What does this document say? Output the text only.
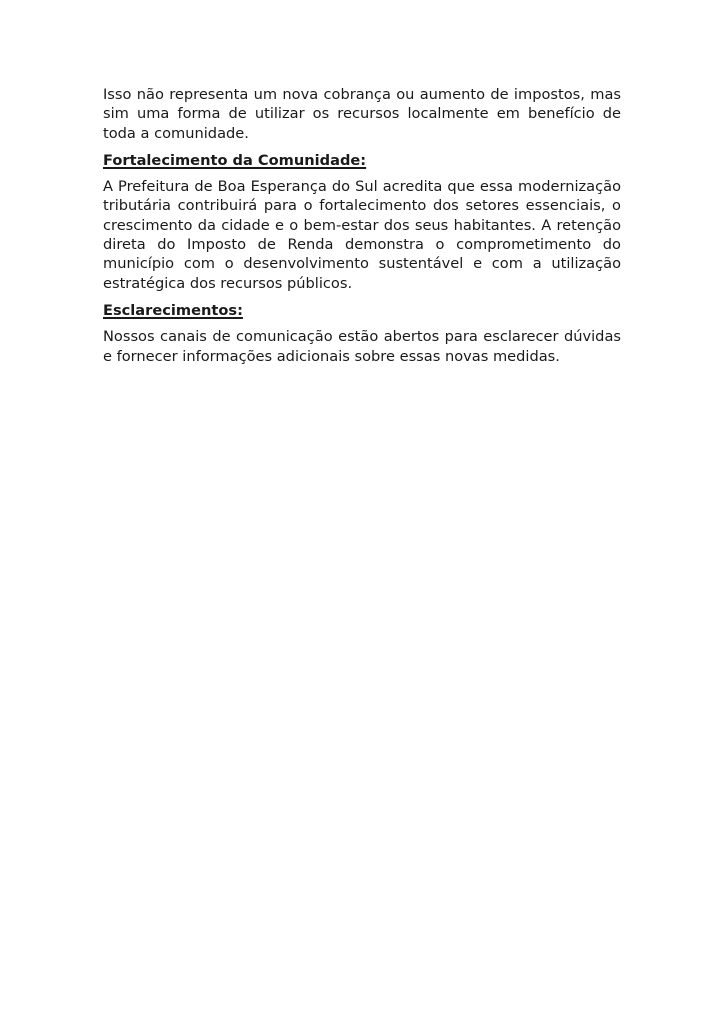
Isso não representa um nova cobrança ou aumento de impostos, mas sim uma forma de utilizar os recursos localmente em benefício de toda a comunidade.

Fortalecimento da Comunidade:

A Prefeitura de Boa Esperança do Sul acredita que essa modernização tributária contribuirá para o fortalecimento dos setores essenciais, o crescimento da cidade e o bem-estar dos seus habitantes. A retenção direta do Imposto de Renda demonstra o comprometimento do município com o desenvolvimento sustentável e com a utilização estratégica dos recursos públicos.

Esclarecimentos:

Nossos canais de comunicação estão abertos para esclarecer dúvidas e fornecer informações adicionais sobre essas novas medidas.
